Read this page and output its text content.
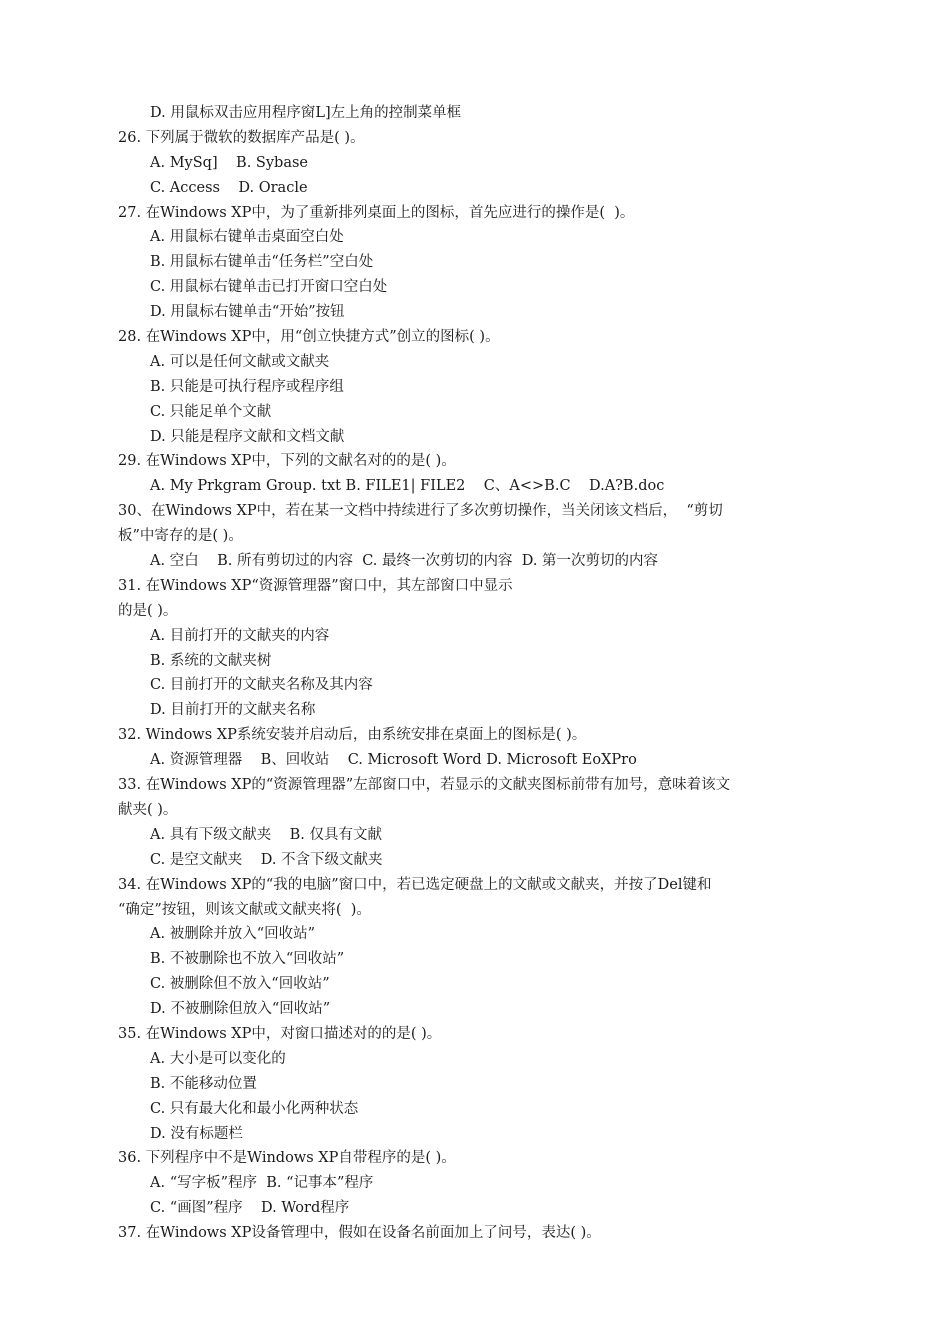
D. 用鼠标双击应用程序窗L]左上角的控制菜单框
26. 下列属于微软的数据库产品是( )。
A. MySq]    B. Sybase
C. Access    D. Oracle
27. 在Windows XP中，为了重新排列桌面上的图标，首先应进行的操作是(  )。
A. 用鼠标右键单击桌面空白处
B. 用鼠标右键单击“任务栏”空白处
C. 用鼠标右键单击已打开窗口空白处
D. 用鼠标右键单击“开始”按钮
28. 在Windows XP中，用“创立快捷方式”创立的图标( )。
A. 可以是任何文献或文献夹
B. 只能是可执行程序或程序组
C. 只能足单个文献
D. 只能是程序文献和文档文献
29. 在Windows XP中，下列的文献名对的的是( )。
A. My Prkgram Group. txt B. FILE1| FILE2    C、A<>B.C    D.A?B.doc
30、在Windows XP中，若在某一文档中持续进行了多次剪切操作，当关闭该文档后，  “剪切
板”中寄存的是( )。
A. 空白    B. 所有剪切过的内容  C. 最终一次剪切的内容  D. 第一次剪切的内容
31. 在Windows XP“资源管理器”窗口中，其左部窗口中显示
的是( )。
A. 目前打开的文献夹的内容
B. 系统的文献夹树
C. 目前打开的文献夹名称及其内容
D. 目前打开的文献夹名称
32. Windows XP系统安装并启动后，由系统安排在桌面上的图标是( )。
A. 资源管理器    B、回收站    C. Microsoft Word D. Microsoft EoXPro
33. 在Windows XP的“资源管理器”左部窗口中，若显示的文献夹图标前带有加号，意味着该文
献夹( )。
A. 具有下级文献夹    B. 仅具有文献
C. 是空文献夹    D. 不含下级文献夹
34. 在Windows XP的“我的电脑”窗口中，若已选定硬盘上的文献或文献夹，并按了Del键和
“确定”按钮，则该文献或文献夹将(  )。
A. 被删除并放入“回收站”
B. 不被删除也不放入“回收站”
C. 被删除但不放入“回收站”
D. 不被删除但放入“回收站”
35. 在Windows XP中，对窗口描述对的的是( )。
A. 大小是可以变化的
B. 不能移动位置
C. 只有最大化和最小化两种状态
D. 没有标题栏
36. 下列程序中不是Windows XP自带程序的是( )。
A. “写字板”程序  B. “记事本”程序
C. “画图”程序    D. Word程序
37. 在Windows XP设备管理中，假如在设备名前面加上了问号，表达( )。
